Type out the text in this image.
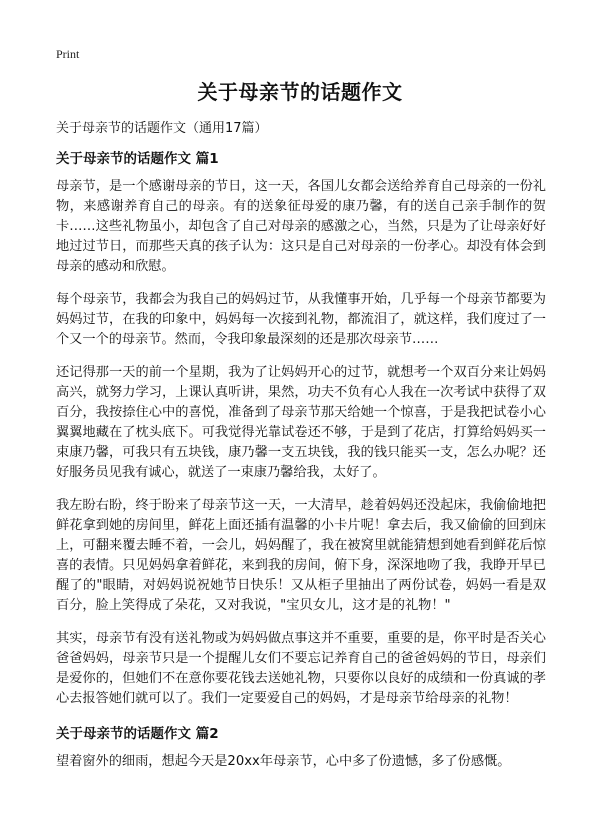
Print
关于母亲节的话题作文
关于母亲节的话题作文（通用17篇）
关于母亲节的话题作文 篇1

母亲节，是一个感谢母亲的节日，这一天，各国儿女都会送给养育自己母亲的一份礼物，来感谢养育自己的母亲。有的送象征母爱的康乃馨，有的送自己亲手制作的贺卡……这些礼物虽小，却包含了自己对母亲的感激之心，当然，只是为了让母亲好好地过过节日，而那些天真的孩子认为：这只是自己对母亲的一份孝心。却没有体会到母亲的感动和欣慰。

每个母亲节，我都会为我自己的妈妈过节，从我懂事开始，几乎每一个母亲节都要为妈妈过节，在我的印象中，妈妈每一次接到礼物，都流泪了，就这样，我们度过了一个又一个的母亲节。然而，令我印象最深刻的还是那次母亲节……

还记得那一天的前一个星期，我为了让妈妈开心的过节，就想考一个双百分来让妈妈高兴，就努力学习，上课认真听讲，果然，功夫不负有心人我在一次考试中获得了双百分，我按捺住心中的喜悦，准备到了母亲节那天给她一个惊喜，于是我把试卷小心翼翼地藏在了枕头底下。可我觉得光靠试卷还不够，于是到了花店，打算给妈妈买一束康乃馨，可我只有五块钱，康乃馨一支五块钱，我的钱只能买一支，怎么办呢？还好服务员见我有诚心，就送了一束康乃馨给我，太好了。

我左盼右盼，终于盼来了母亲节这一天，一大清早，趁着妈妈还没起床，我偷偷地把鲜花拿到她的房间里，鲜花上面还插有温馨的小卡片呢！拿去后，我又偷偷的回到床上，可翻来覆去睡不着，一会儿，妈妈醒了，我在被窝里就能猜想到她看到鲜花后惊喜的表情。只见妈妈拿着鲜花，来到我的房间，俯下身，深深地吻了我，我睁开早已醒了的"眼睛，对妈妈说祝她节日快乐！又从柜子里抽出了两份试卷，妈妈一看是双百分，脸上笑得成了朵花，又对我说，"宝贝女儿，这才是的礼物！"

其实，母亲节有没有送礼物或为妈妈做点事这并不重要，重要的是，你平时是否关心爸爸妈妈，母亲节只是一个提醒儿女们不要忘记养育自己的爸爸妈妈的节日，母亲们是爱你的，但她们不在意你要花钱去送她礼物，只要你以良好的成绩和一份真诚的孝心去报答她们就可以了。我们一定要爱自己的妈妈，才是母亲节给母亲的礼物！

关于母亲节的话题作文 篇2

望着窗外的细雨，想起今天是20xx年母亲节，心中多了份遗憾，多了份感慨。
